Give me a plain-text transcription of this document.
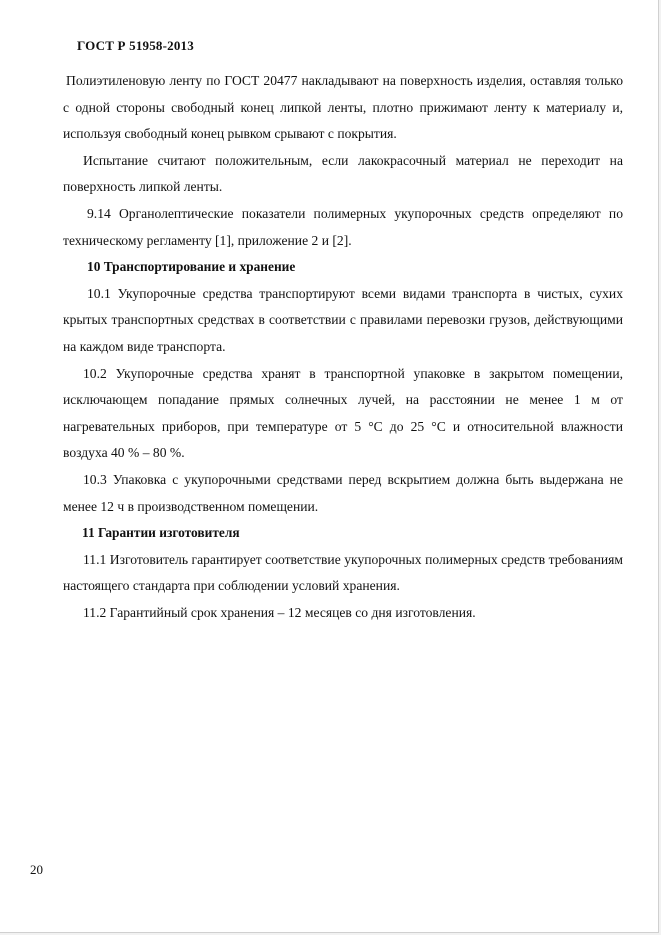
ГОСТ Р 51958-2013

Полиэтиленовую ленту по ГОСТ 20477 накладывают на поверхность изделия, оставляя только с одной стороны свободный конец липкой ленты, плотно прижимают ленту к материалу и, используя свободный конец рывком срывают с покрытия.

Испытание считают положительным, если лакокрасочный материал не переходит на поверхность липкой ленты.

9.14 Органолептические показатели полимерных укупорочных средств определяют по техническому регламенту [1], приложение 2 и [2].

10 Транспортирование и хранение

10.1 Укупорочные средства транспортируют всеми видами транспорта в чистых, сухих крытых транспортных средствах в соответствии с правилами перевозки грузов, действующими на каждом виде транспорта.

10.2 Укупорочные средства хранят в транспортной упаковке в закрытом помещении, исключающем попадание прямых солнечных лучей, на расстоянии не менее 1 м от нагревательных приборов, при температуре от 5 °С до 25 °С и относительной влажности воздуха 40 % – 80 %.

10.3 Упаковка с укупорочными средствами перед вскрытием должна быть выдержана не менее 12 ч в производственном помещении.

11 Гарантии изготовителя

11.1 Изготовитель гарантирует соответствие укупорочных полимерных средств требованиям настоящего стандарта при соблюдении условий хранения.

11.2 Гарантийный срок хранения – 12 месяцев со дня изготовления.

20
